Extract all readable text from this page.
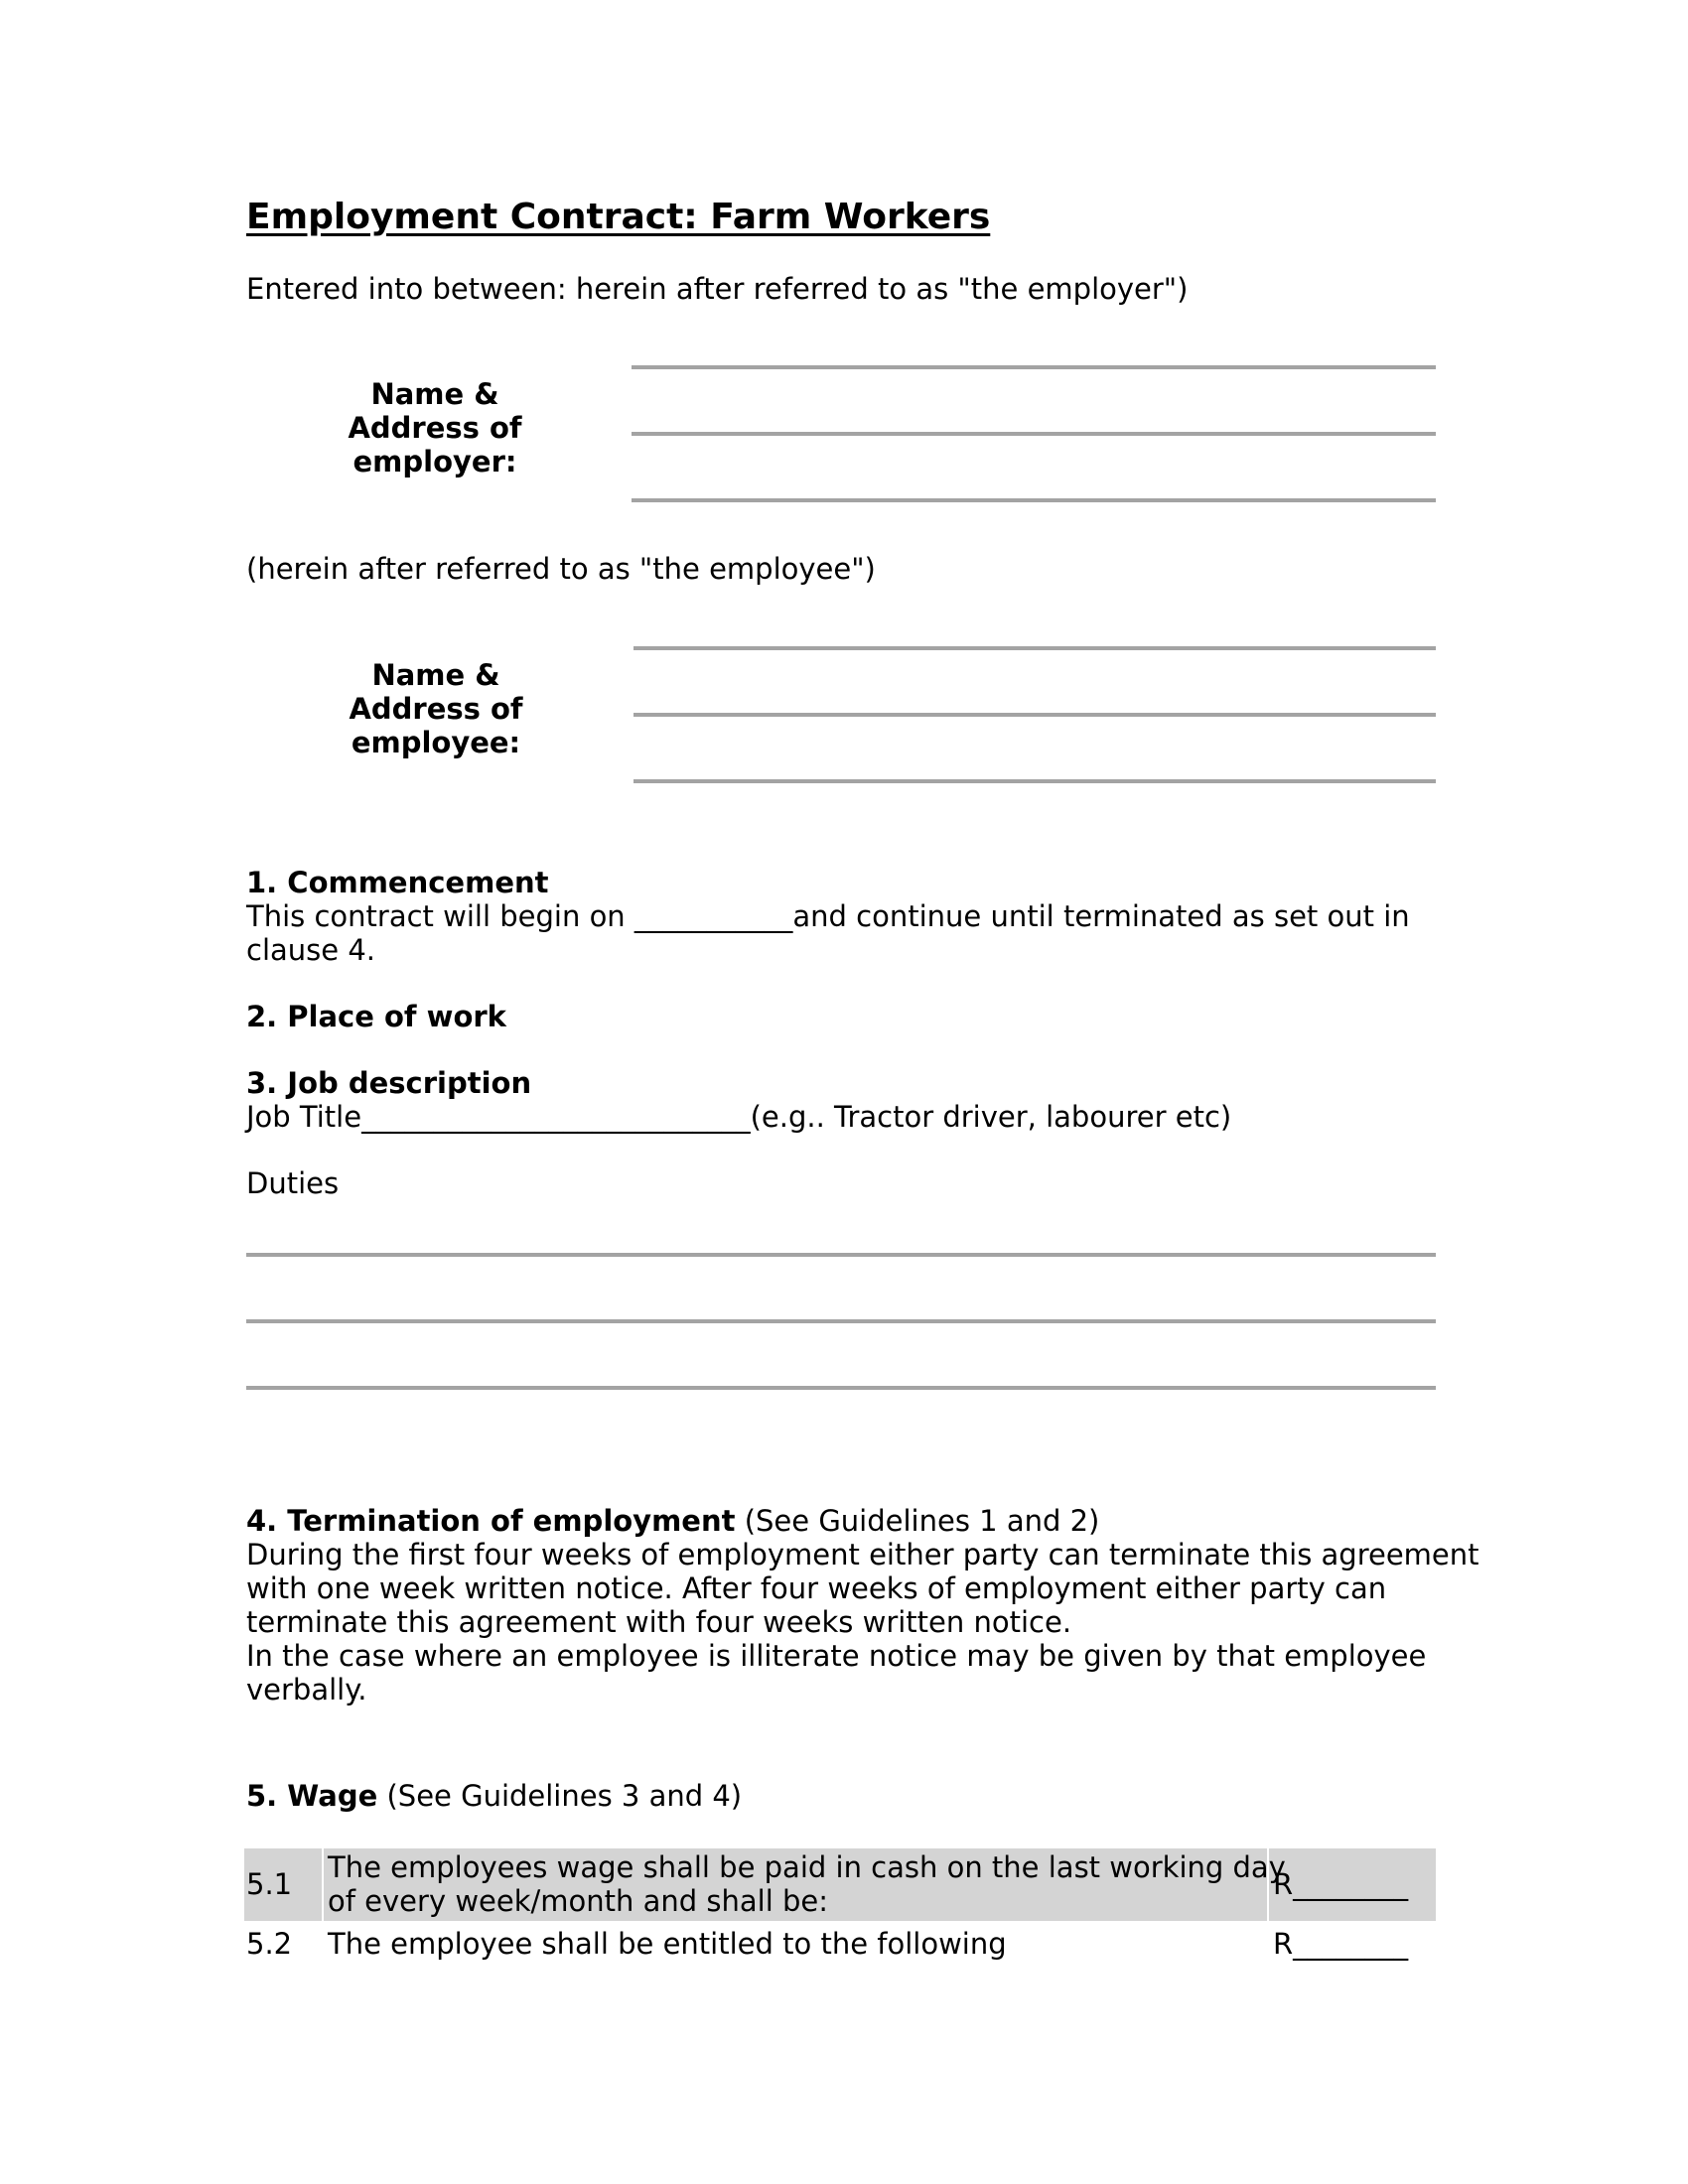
Employment Contract: Farm Workers
Entered into between: herein after referred to as "the employer")
Name &
Address of employer:
(herein after referred to as "the employee")
Name &
Address of employee:
1. Commencement
This contract will begin on ___________and continue until terminated as set out in
clause 4.
2. Place of work
3. Job description
Job Title___________________________(e.g.. Tractor driver, labourer etc)
Duties
4. Termination of employment (See Guidelines 1 and 2)
During the first four weeks of employment either party can terminate this agreement
with one week written notice. After four weeks of employment either party can
terminate this agreement with four weeks written notice.
In the case where an employee is illiterate notice may be given by that employee
verbally.
5. Wage (See Guidelines 3 and 4)
5.1 The employees wage shall be paid in cash on the last working day
of every week/month and shall be:	R________
5.2 The employee shall be entitled to the following	R________
